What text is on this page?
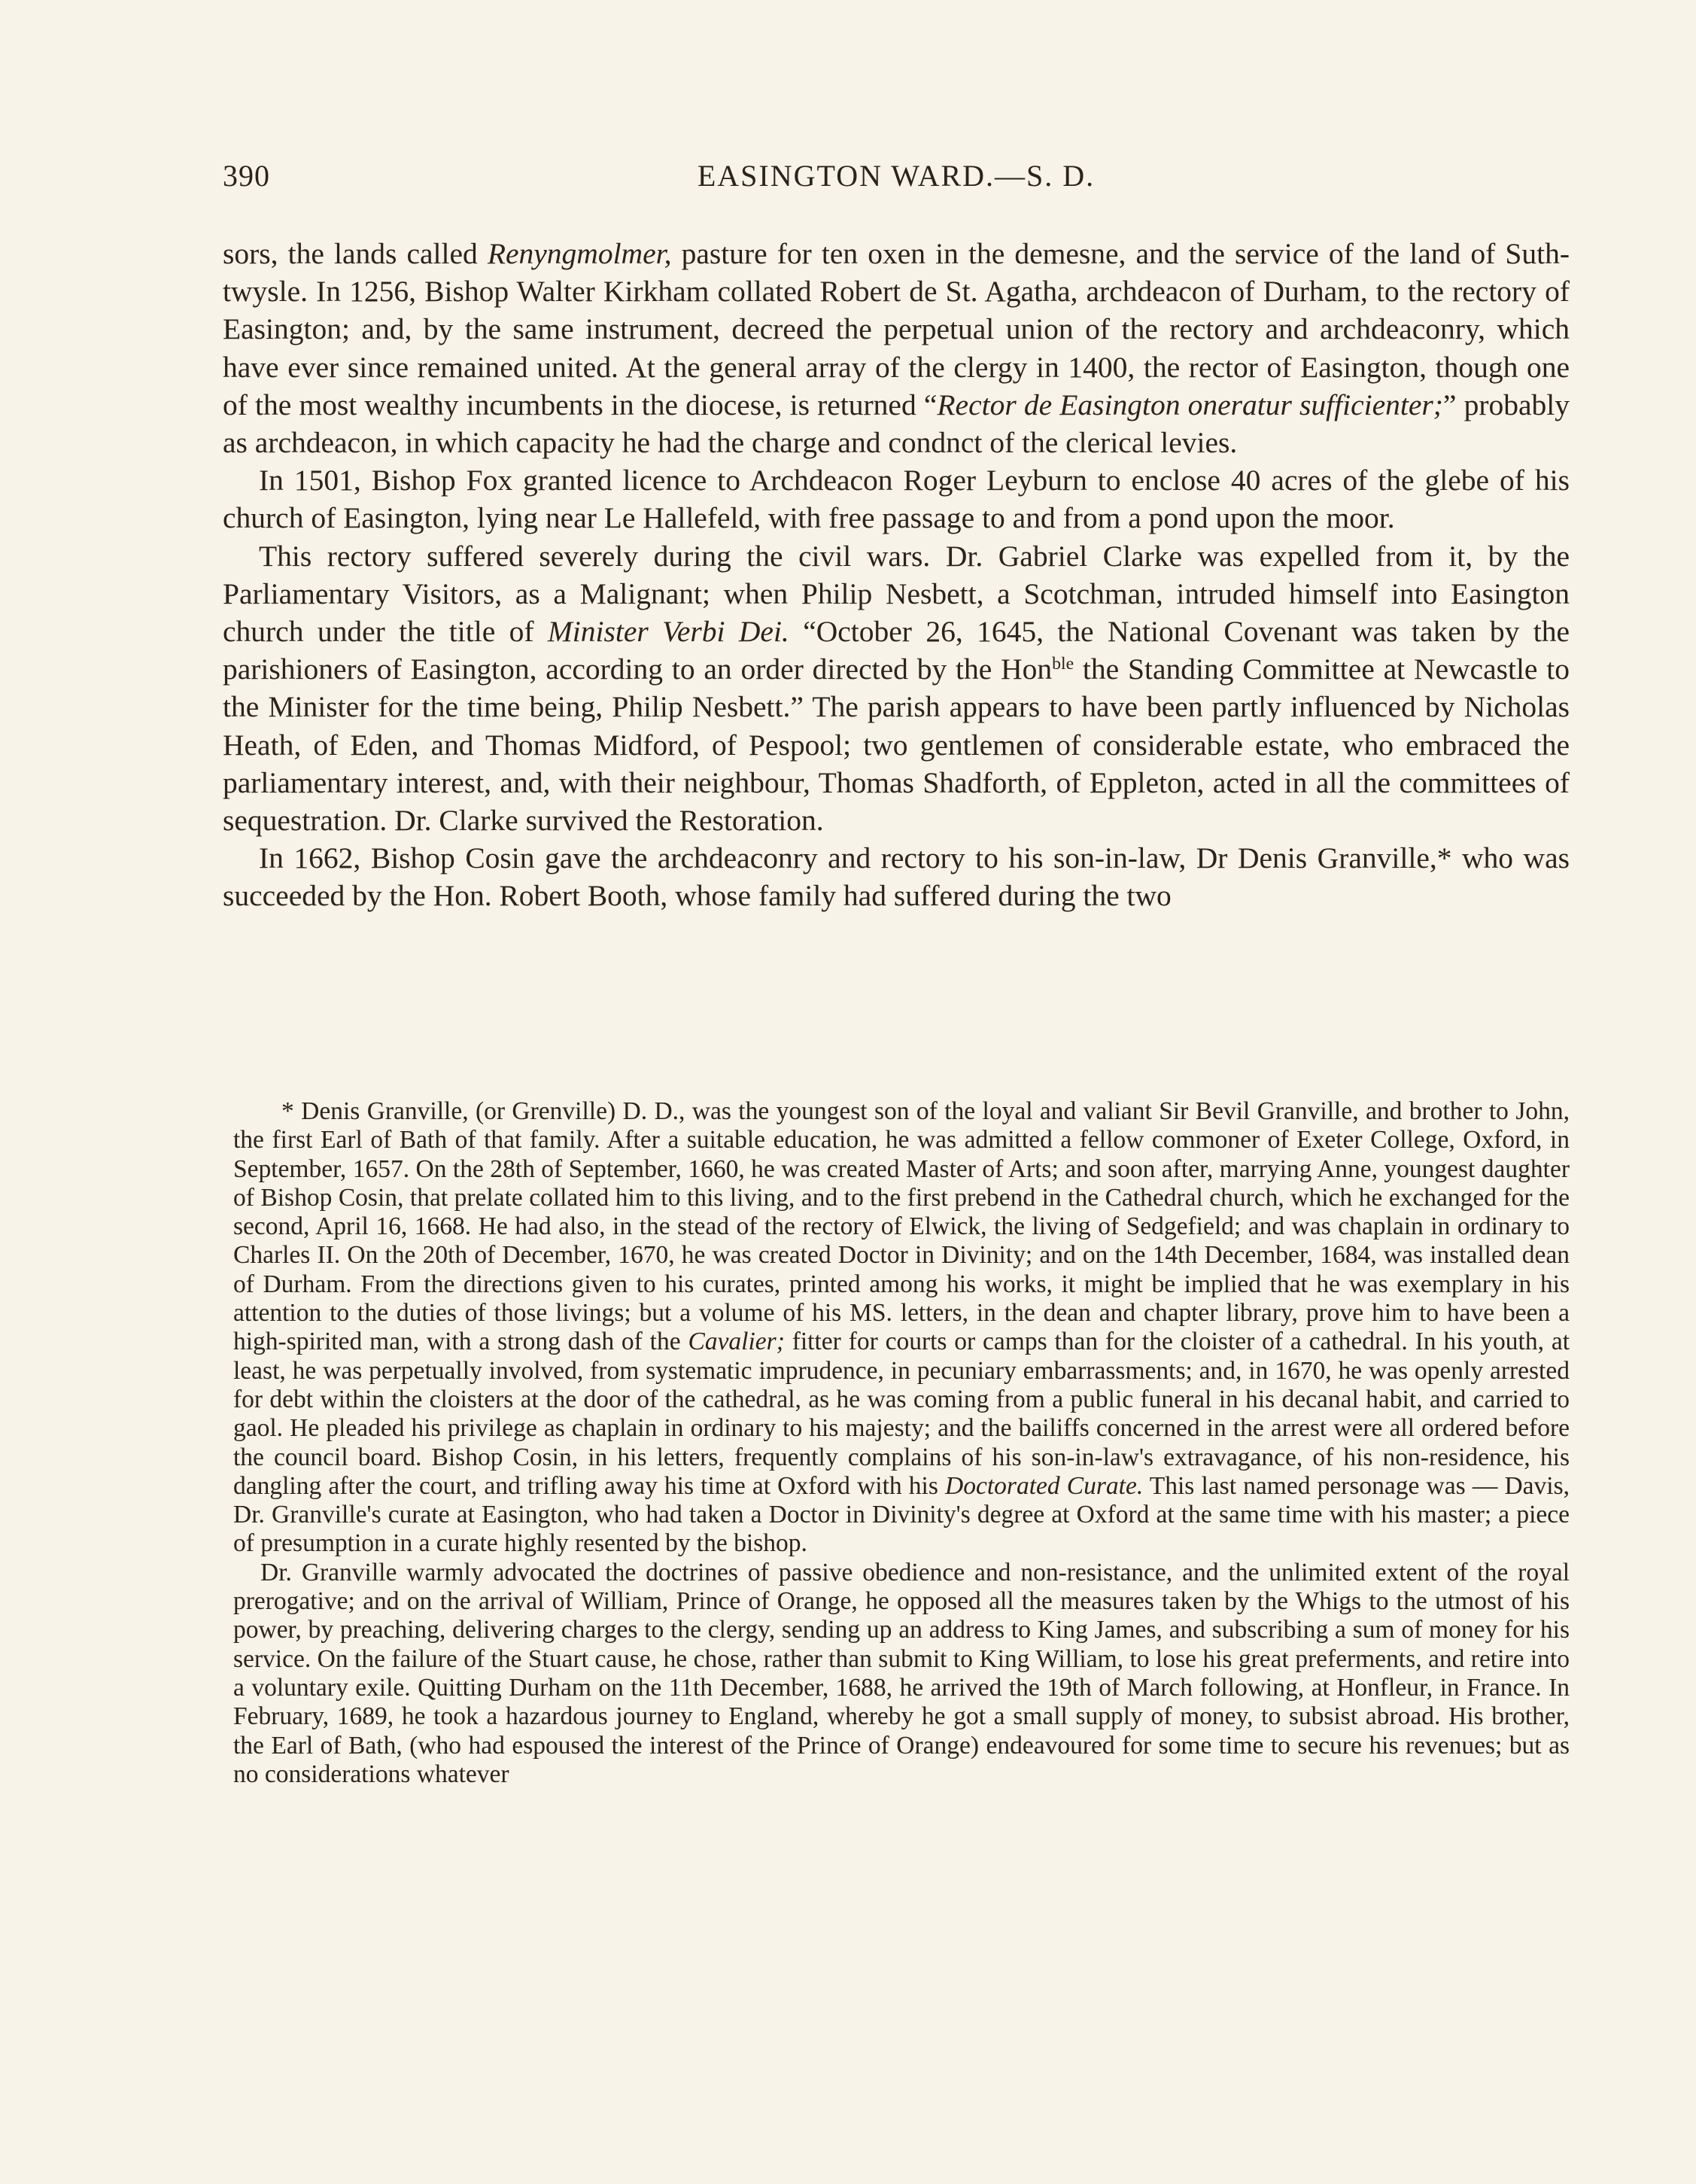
390	EASINGTON WARD.—S. D.

sors, the lands called Renyngmolmer, pasture for ten oxen in the demesne, and the service of the land of Suth-twysle. In 1256, Bishop Walter Kirkham collated Robert de St. Agatha, archdeacon of Durham, to the rectory of Easington; and, by the same instrument, decreed the perpetual union of the rectory and archdeaconry, which have ever since remained united. At the general array of the clergy in 1400, the rector of Easington, though one of the most wealthy incumbents in the diocese, is returned “Rector de Easington oneratur sufficienter;” probably as archdeacon, in which capacity he had the charge and condnct of the clerical levies.

In 1501, Bishop Fox granted licence to Archdeacon Roger Leyburn to enclose 40 acres of the glebe of his church of Easington, lying near Le Hallefeld, with free passage to and from a pond upon the moor.

This rectory suffered severely during the civil wars. Dr. Gabriel Clarke was expelled from it, by the Parliamentary Visitors, as a Malignant; when Philip Nesbett, a Scotchman, intruded himself into Easington church under the title of Minister Verbi Dei. “October 26, 1645, the National Covenant was taken by the parishioners of Easington, according to an order directed by the Hon$^{ble}$ the Standing Committee at Newcastle to the Minister for the time being, Philip Nesbett.” The parish appears to have been partly influenced by Nicholas Heath, of Eden, and Thomas Midford, of Pespool; two gentlemen of considerable estate, who embraced the parliamentary interest, and, with their neighbour, Thomas Shadforth, of Eppleton, acted in all the committees of sequestration. Dr. Clarke survived the Restoration.

In 1662, Bishop Cosin gave the archdeaconry and rectory to his son-in-law, Dr Denis Granville,* who was succeeded by the Hon. Robert Booth, whose family had suffered during the two

* Denis Granville, (or Grenville) D. D., was the youngest son of the loyal and valiant Sir Bevil Granville, and brother to John, the first Earl of Bath of that family. After a suitable education, he was admitted a fellow commoner of Exeter College, Oxford, in September, 1657. On the 28th of September, 1660, he was created Master of Arts; and soon after, marrying Anne, youngest daughter of Bishop Cosin, that prelate collated him to this living, and to the first prebend in the Cathedral church, which he exchanged for the second, April 16, 1668. He had also, in the stead of the rectory of Elwick, the living of Sedgefield; and was chaplain in ordinary to Charles II. On the 20th of December, 1670, he was created Doctor in Divinity; and on the 14th December, 1684, was installed dean of Durham. From the directions given to his curates, printed among his works, it might be implied that he was exemplary in his attention to the duties of those livings; but a volume of his MS. letters, in the dean and chapter library, prove him to have been a high-spirited man, with a strong dash of the Cavalier; fitter for courts or camps than for the cloister of a cathedral. In his youth, at least, he was perpetually involved, from systematic imprudence, in pecuniary embarrassments; and, in 1670, he was openly arrested for debt within the cloisters at the door of the cathedral, as he was coming from a public funeral in his decanal habit, and carried to gaol. He pleaded his privilege as chaplain in ordinary to his majesty; and the bailiffs concerned in the arrest were all ordered before the council board. Bishop Cosin, in his letters, frequently complains of his son-in-law's extravagance, of his non-residence, his dangling after the court, and trifling away his time at Oxford with his Doctorated Curate. This last named personage was — Davis, Dr. Granville's curate at Easington, who had taken a Doctor in Divinity's degree at Oxford at the same time with his master; a piece of presumption in a curate highly resented by the bishop.

Dr. Granville warmly advocated the doctrines of passive obedience and non-resistance, and the unlimited extent of the royal prerogative; and on the arrival of William, Prince of Orange, he opposed all the measures taken by the Whigs to the utmost of his power, by preaching, delivering charges to the clergy, sending up an address to King James, and subscribing a sum of money for his service. On the failure of the Stuart cause, he chose, rather than submit to King William, to lose his great preferments, and retire into a voluntary exile. Quitting Durham on the 11th December, 1688, he arrived the 19th of March following, at Honfleur, in France. In February, 1689, he took a hazardous journey to England, whereby he got a small supply of money, to subsist abroad. His brother, the Earl of Bath, (who had espoused the interest of the Prince of Orange) endeavoured for some time to secure his revenues; but as no considerations whatever
